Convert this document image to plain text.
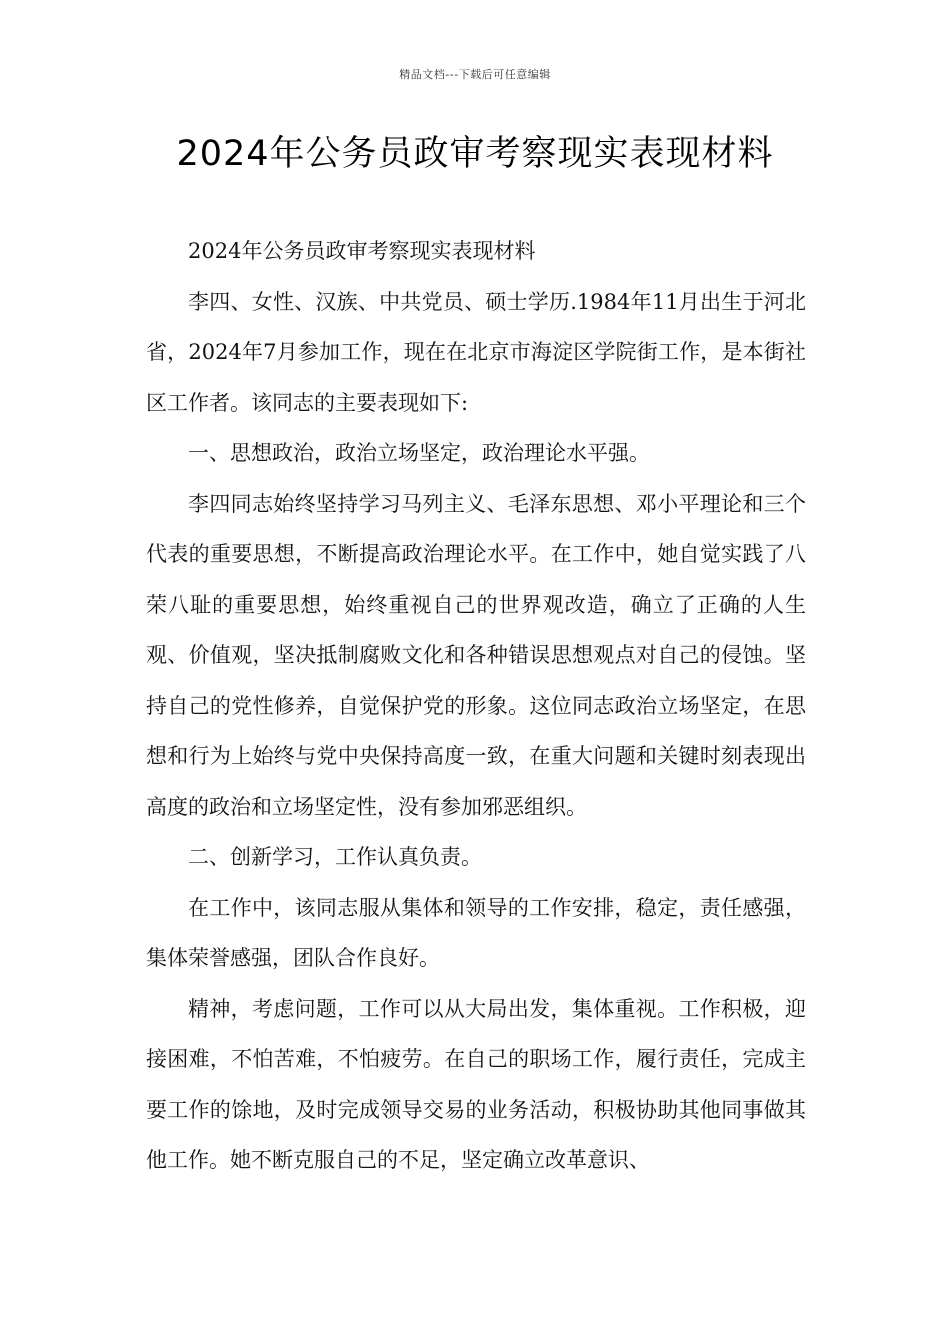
精品文档---下载后可任意编辑
2024年公务员政审考察现实表现材料

2024年公务员政审考察现实表现材料

李四、女性、汉族、中共党员、硕士学历.1984年11月出生于河北省，2024年7月参加工作，现在在北京市海淀区学院街工作，是本街社区工作者。该同志的主要表现如下:

一、思想政治，政治立场坚定，政治理论水平强。

李四同志始终坚持学习马列主义、毛泽东思想、邓小平理论和三个代表的重要思想，不断提高政治理论水平。在工作中，她自觉实践了八荣八耻的重要思想，始终重视自己的世界观改造，确立了正确的人生观、价值观，坚决抵制腐败文化和各种错误思想观点对自己的侵蚀。坚持自己的党性修养，自觉保护党的形象。这位同志政治立场坚定，在思想和行为上始终与党中央保持高度一致，在重大问题和关键时刻表现出高度的政治和立场坚定性，没有参加邪恶组织。

二、创新学习，工作认真负责。

在工作中，该同志服从集体和领导的工作安排，稳定，责任感强，集体荣誉感强，团队合作良好。

精神，考虑问题，工作可以从大局出发，集体重视。工作积极，迎接困难，不怕苦难，不怕疲劳。在自己的职场工作，履行责任，完成主要工作的馀地，及时完成领导交易的业务活动，积极协助其他同事做其他工作。她不断克服自己的不足，坚定确立改革意识、
